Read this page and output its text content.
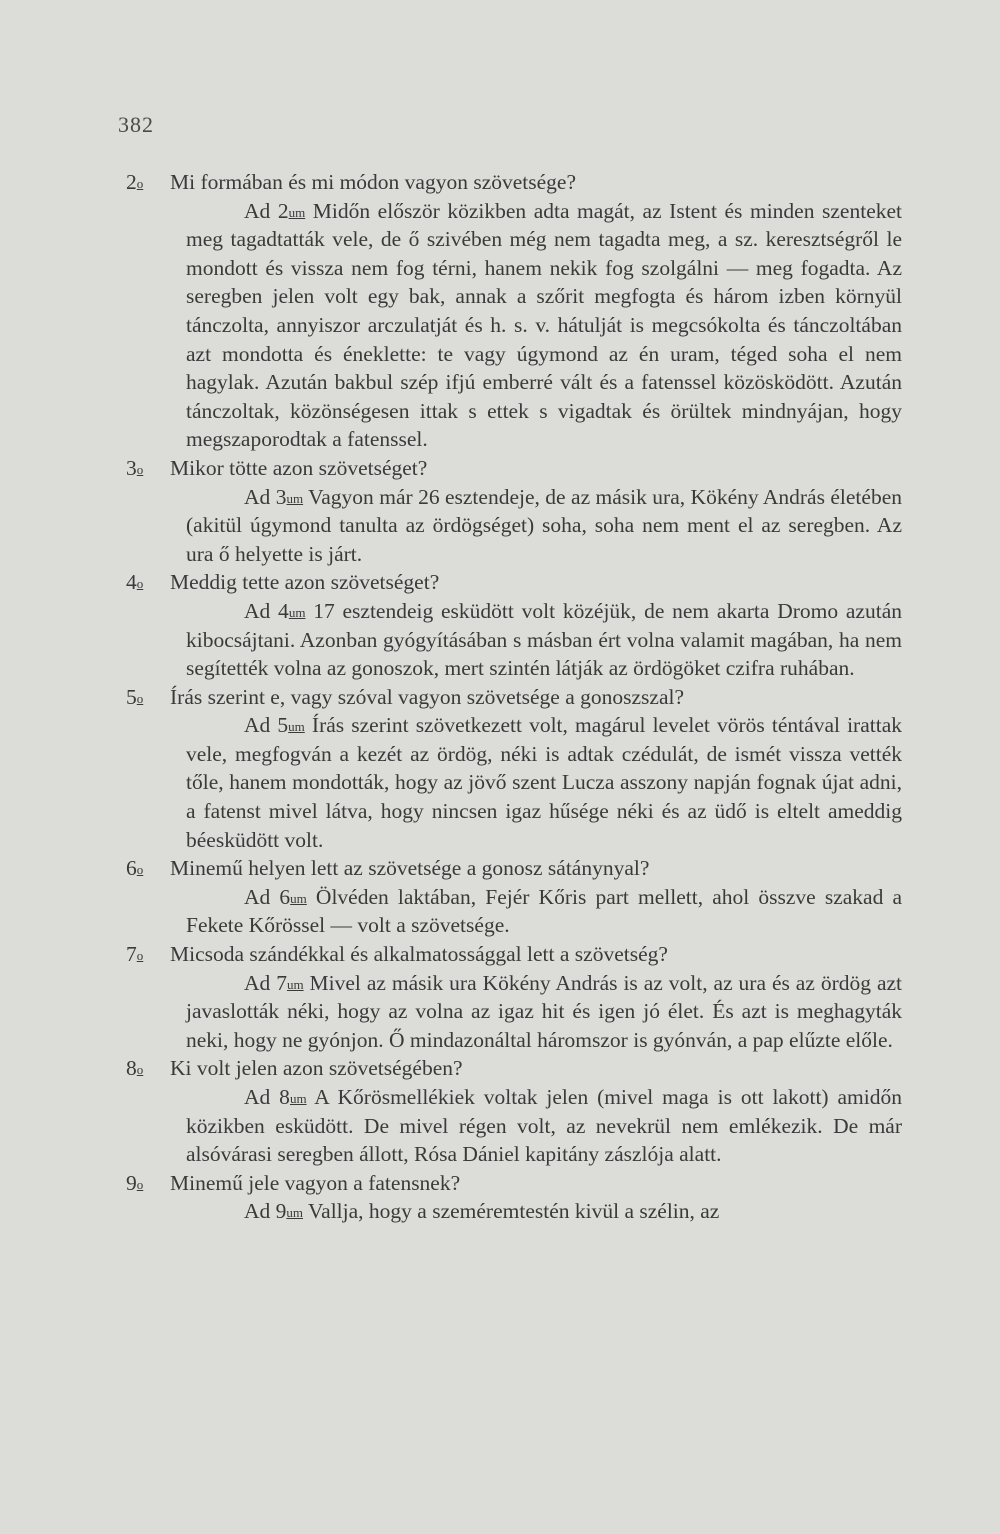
382

2$^o$ Mi formában és mi módon vagyon szövetsége?

Ad $2^{um}$ Midőn először közikben adta magát, az Istent és minden szenteket meg tagadtatták vele, de ő szivében még nem tagadta meg, a sz. keresztségről le mondott és vissza nem fog térni, hanem nekik fog szolgálni — meg fogadta. Az seregben jelen volt egy bak, annak a szőrit megfogta és három izben környül tánczolta, annyiszor arczulatját és h. s. v. hátulját is megcsókolta és tánczoltában azt mondotta és éneklette: te vagy úgymond az én uram, téged soha el nem hagylak. Azután bakbul szép ifjú emberré vált és a fatenssel közösködött. Azután tánczoltak, közönségesen ittak s ettek s vigadtak és örültek mindnyájan, hogy megszaporodtak a fatenssel.

3$^o$ Mikor tötte azon szövetséget?

Ad $3^{um}$ Vagyon már 26 esztendeje, de az másik ura, Kökény András életében (akitül úgymond tanulta az ördögséget) soha, soha nem ment el az seregben. Az ura ő helyette is járt.

4$^o$ Meddig tette azon szövetséget?

Ad $4^{um}$ 17 esztendeig esküdött volt közéjük, de nem akarta Dromo azután kibocsájtani. Azonban gyógyításában s másban ért volna valamit magában, ha nem segítették volna az gonoszok, mert szintén látják az ördögöket czifra ruhában.

5$^o$ Írás szerint e, vagy szóval vagyon szövetsége a gonoszszal?

Ad $5^{um}$ Írás szerint szövetkezett volt, magárul levelet vörös téntával irattak vele, megfogván a kezét az ördög, néki is adtak czédulát, de ismét vissza vették tőle, hanem mondották, hogy az jövő szent Lucza asszony napján fognak újat adni, a fatenst mivel látva, hogy nincsen igaz hűsége néki és az üdő is eltelt ameddig béesküdött volt.

6$^o$ Minemű helyen lett az szövetsége a gonosz sátánynyal?

Ad $6^{um}$ Ölvéden laktában, Fejér Kőris part mellett, ahol összve szakad a Fekete Kőrössel — volt a szövetsége.

7$^o$ Micsoda szándékkal és alkalmatossággal lett a szövetség?

Ad $7^{um}$ Mivel az másik ura Kökény András is az volt, az ura és az ördög azt javaslották néki, hogy az volna az igaz hit és igen jó élet. És azt is meghagyták neki, hogy ne gyónjon. Ő mindazonáltal háromszor is gyónván, a pap elűzte előle.

8$^o$ Ki volt jelen azon szövetségében?

Ad $8^{um}$ A Kőrösmellékiek voltak jelen (mivel maga is ott lakott) amidőn közikben esküdött. De mivel régen volt, az nevekrül nem emlékezik. De már alsóvárasi seregben állott, Rósa Dániel kapitány zászlója alatt.

9$^o$ Minemű jele vagyon a fatensnek?

Ad $9^{um}$ Vallja, hogy a szeméremtestén kivül a szélin, az
